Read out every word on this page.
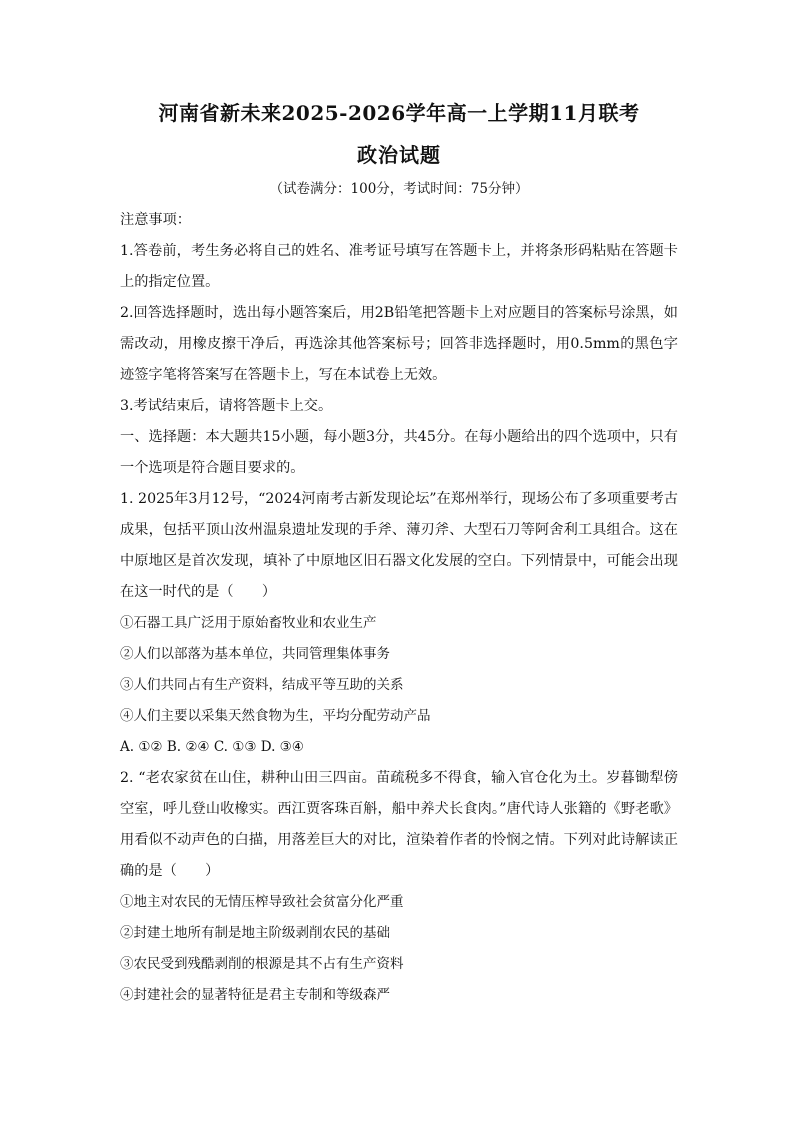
河南省新未来2025-2026学年高一上学期11月联考
政治试题

（试卷满分：100分，考试时间：75分钟）

注意事项：

1.答卷前，考生务必将自己的姓名、准考证号填写在答题卡上，并将条形码粘贴在答题卡上的指定位置。

2.回答选择题时，选出每小题答案后，用2B铅笔把答题卡上对应题目的答案标号涂黑，如需改动，用橡皮擦干净后，再选涂其他答案标号；回答非选择题时，用0.5mm的黑色字迹签字笔将答案写在答题卡上，写在本试卷上无效。

3.考试结束后，请将答题卡上交。

一、选择题：本大题共15小题，每小题3分，共45分。在每小题给出的四个选项中，只有一个选项是符合题目要求的。

1. 2025年3月12号，“2024河南考古新发现论坛”在郑州举行，现场公布了多项重要考古成果，包括平顶山汝州温泉遗址发现的手斧、薄刃斧、大型石刀等阿舍利工具组合。这在中原地区是首次发现，填补了中原地区旧石器文化发展的空白。下列情景中，可能会出现在这一时代的是（　　）

①石器工具广泛用于原始畜牧业和农业生产

②人们以部落为基本单位，共同管理集体事务

③人们共同占有生产资料，结成平等互助的关系

④人们主要以采集天然食物为生，平均分配劳动产品

A. ①② B. ②④ C. ①③ D. ③④

2. “老农家贫在山住，耕种山田三四亩。苗疏税多不得食，输入官仓化为土。岁暮锄犁傍空室，呼儿登山收橡实。西江贾客珠百斛，船中养犬长食肉。”唐代诗人张籍的《野老歌》用看似不动声色的白描，用落差巨大的对比，渲染着作者的怜悯之情。下列对此诗解读正确的是（　　）

①地主对农民的无情压榨导致社会贫富分化严重

②封建土地所有制是地主阶级剥削农民的基础

③农民受到残酷剥削的根源是其不占有生产资料

④封建社会的显著特征是君主专制和等级森严
